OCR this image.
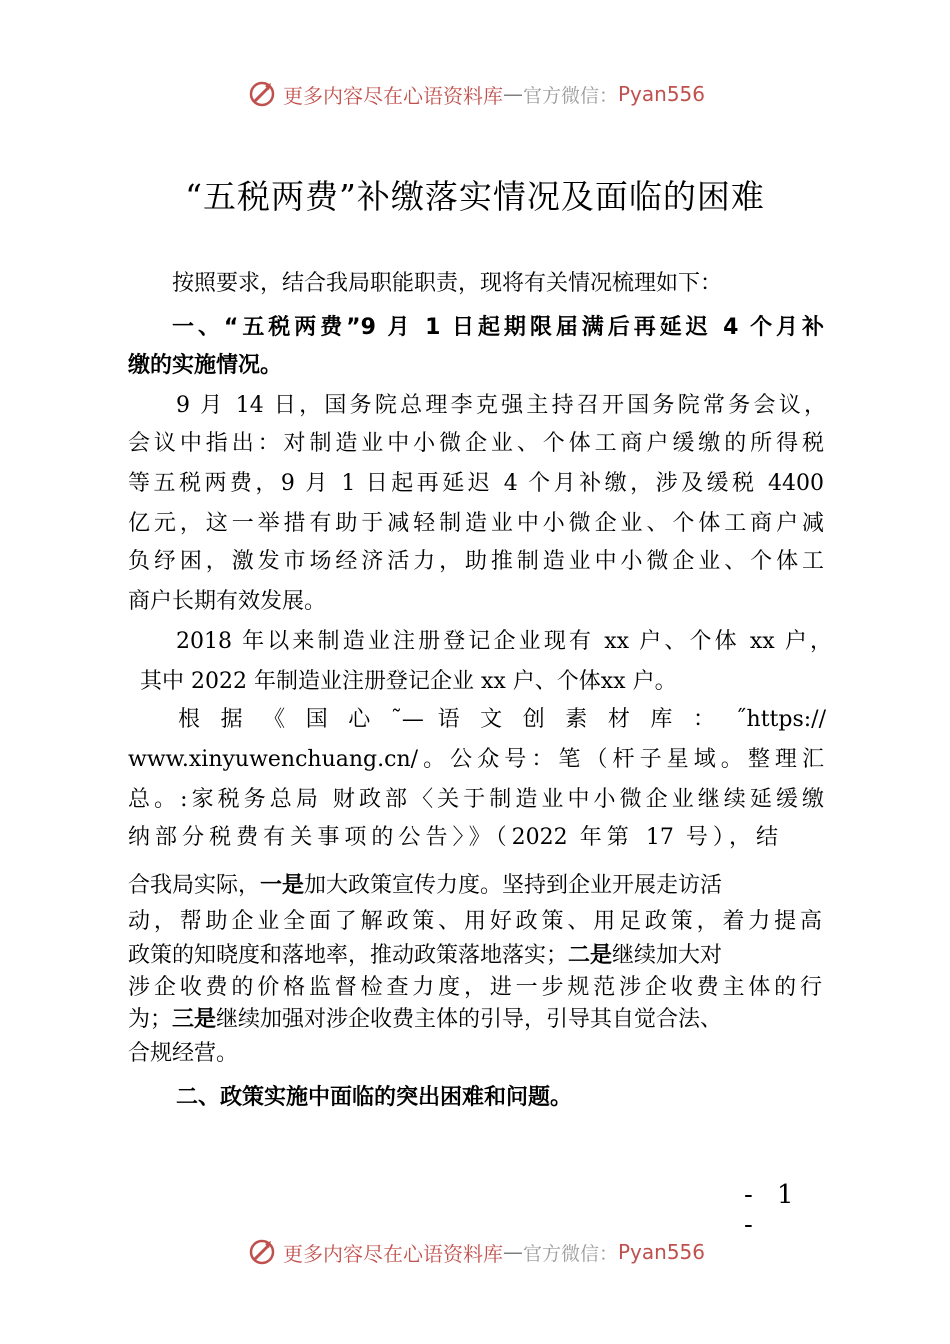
更多内容尽在心语资料库 — 官方微信： Pyan556
“五税两费”补缴落实情况及面临的困难
按照要求，结合我局职能职责，现将有关情况梳理如下：
一、“五税两费”9 月 1 日起期限届满后再延迟 4 个月补
缴的实施情况。
9 月 14 日，国务院总理李克强主持召开国务院常务会议，
会议中指出：对制造业中小微企业、个体工商户缓缴的所得税
等五税两费，9 月 1 日起再延迟 4 个月补缴，涉及缓税 4400
亿元，这一举措有助于减轻制造业中小微企业、个体工商户减
负纾困，激发市场经济活力，助推制造业中小微企业、个体工
商户长期有效发展。
2018 年以来制造业注册登记企业现有 xx 户、个体 xx 户，
其中 2022 年制造业注册登记企业 xx 户、个体xx 户。
根 据 《 国 心 ˜— 语 文 创 素 材 库 ： ˝https://
www.xinyuwenchuang.cn/。公众号：笔（杆子星域。整理汇
总。:家税务总局 财政部〈关于制造业中小微企业继续延缓缴
纳部分税费有关事项的公告〉》（2022 年第 17 号），结
合我局实际，一是加大政策宣传力度。坚持到企业开展走访活
动，帮助企业全面了解政策、用好政策、用足政策，着力提高
政策的知晓度和落地率，推动政策落地落实；二是继续加大对
涉企收费的价格监督检查力度，进一步规范涉企收费主体的行
为；三是继续加强对涉企收费主体的引导，引导其自觉合法、
合规经营。
二、政策实施中面临的突出困难和问题。
- 1 -
更多内容尽在心语资料库 — 官方微信： Pyan556
